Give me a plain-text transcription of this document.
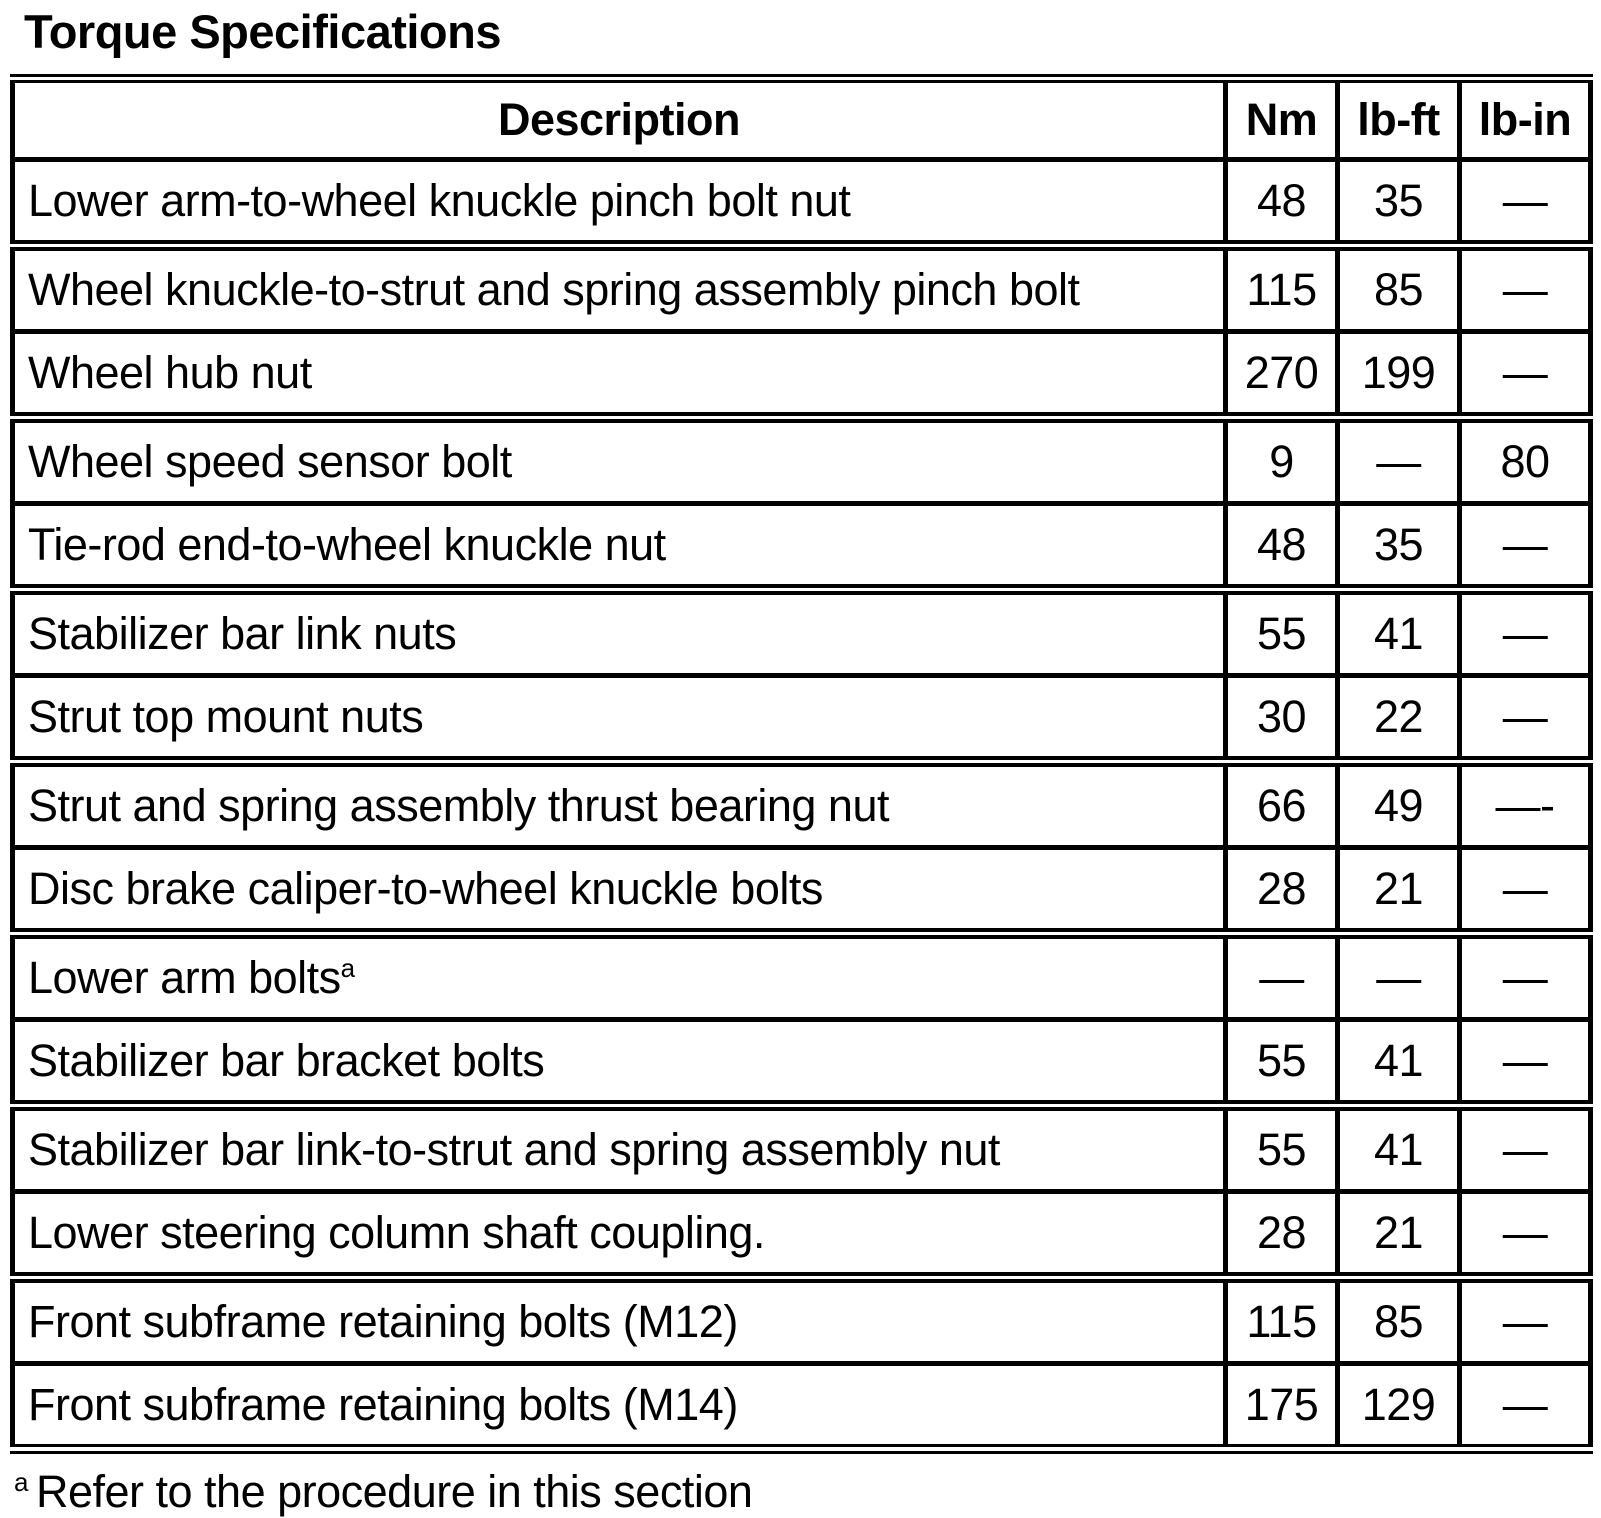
Torque Specifications
Description	Nm	lb-ft	lb-in
Lower arm-to-wheel knuckle pinch bolt nut	48	35	—
Wheel knuckle-to-strut and spring assembly pinch bolt	115	85	—
Wheel hub nut	270	199	—
Wheel speed sensor bolt	9	—	80
Tie-rod end-to-wheel knuckle nut	48	35	—
Stabilizer bar link nuts	55	41	—
Strut top mount nuts	30	22	—
Strut and spring assembly thrust bearing nut	66	49	—-
Disc brake caliper-to-wheel knuckle bolts	28	21	—
Lower arm bolts$^a$	—	—	—
Stabilizer bar bracket bolts	55	41	—
Stabilizer bar link-to-strut and spring assembly nut	55	41	—
Lower steering column shaft coupling.	28	21	—
Front subframe retaining bolts (M12)	115	85	—
Front subframe retaining bolts (M14)	175	129	—
$^a$ Refer to the procedure in this section
